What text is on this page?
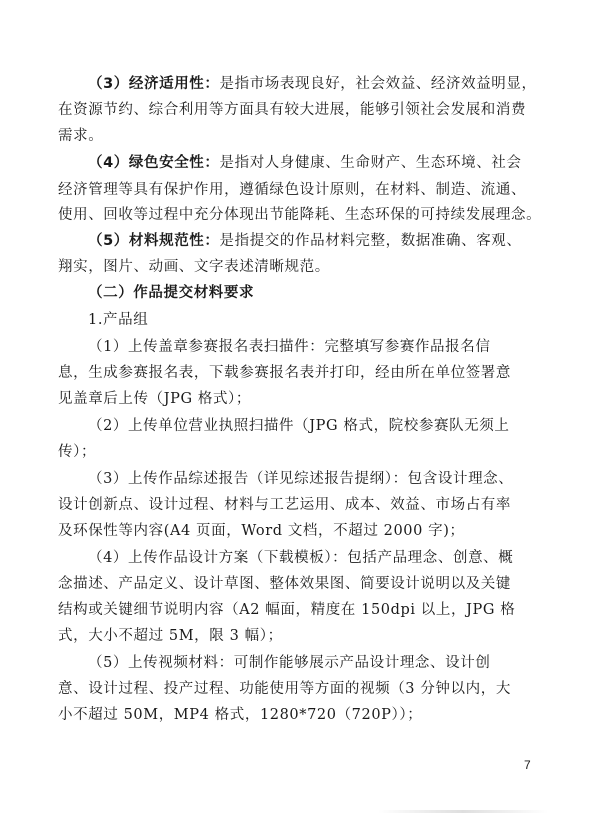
（3）经济适用性：是指市场表现良好，社会效益、经济效益明显，
在资源节约、综合利用等方面具有较大进展，能够引领社会发展和消费
需求。
（4）绿色安全性：是指对人身健康、生命财产、生态环境、社会
经济管理等具有保护作用，遵循绿色设计原则，在材料、制造、流通、
使用、回收等过程中充分体现出节能降耗、生态环保的可持续发展理念。
（5）材料规范性：是指提交的作品材料完整，数据准确、客观、
翔实，图片、动画、文字表述清晰规范。
（二）作品提交材料要求
1.产品组
（1）上传盖章参赛报名表扫描件：完整填写参赛作品报名信
息，生成参赛报名表，下载参赛报名表并打印，经由所在单位签署意
见盖章后上传（JPG 格式）；
（2）上传单位营业执照扫描件（JPG 格式，院校参赛队无须上
传）；
（3）上传作品综述报告（详见综述报告提纲）：包含设计理念、
设计创新点、设计过程、材料与工艺运用、成本、效益、市场占有率
及环保性等内容(A4 页面，Word 文档，不超过 2000 字)；
（4）上传作品设计方案（下载模板）：包括产品理念、创意、概
念描述、产品定义、设计草图、整体效果图、简要设计说明以及关键
结构或关键细节说明内容（A2 幅面，精度在 150dpi 以上，JPG 格
式，大小不超过 5M，限 3 幅）；
（5）上传视频材料：可制作能够展示产品设计理念、设计创
意、设计过程、投产过程、功能使用等方面的视频（3 分钟以内，大
小不超过 50M，MP4 格式，1280*720（720P））；
7
